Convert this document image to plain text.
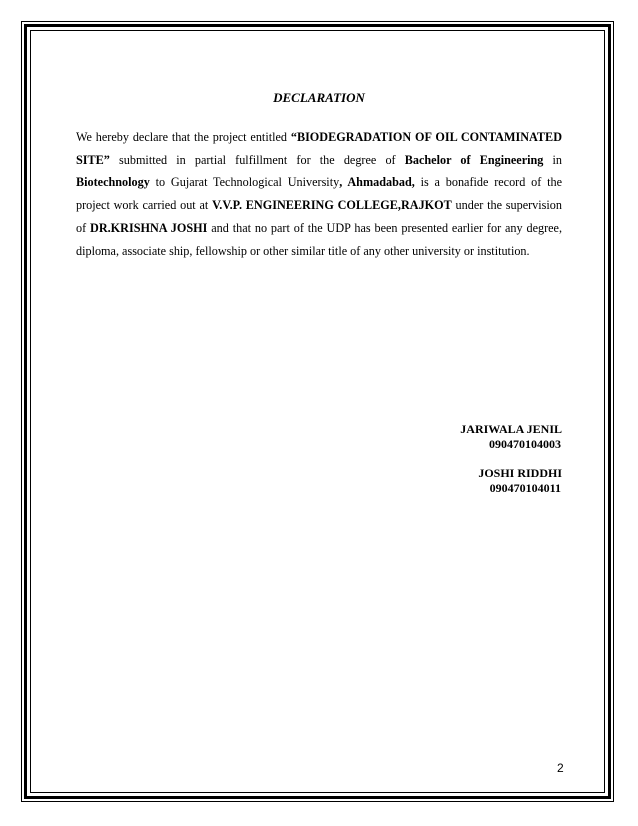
DECLARATION

We hereby declare that the project entitled “BIODEGRADATION OF OIL CONTAMINATED SITE” submitted in partial fulfillment for the degree of Bachelor of Engineering in Biotechnology to Gujarat Technological University, Ahmadabad, is a bonafide record of the project work carried out at V.V.P. ENGINEERING COLLEGE,RAJKOT under the supervision of DR.KRISHNA JOSHI and that no part of the UDP has been presented earlier for any degree, diploma, associate ship, fellowship or other similar title of any other university or institution.

JARIWALA JENIL
090470104003
JOSHI RIDDHI
090470104011
2
